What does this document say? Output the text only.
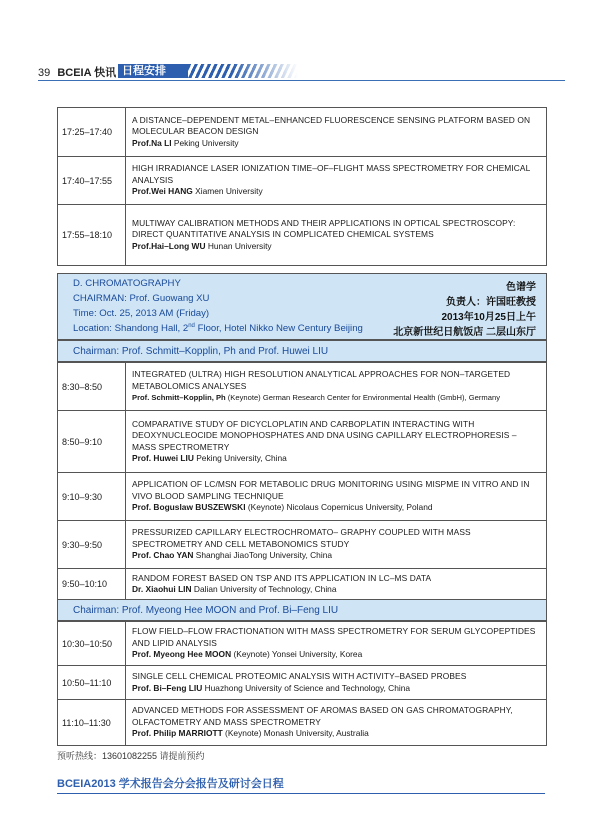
39 BCEIA 快讯 日程安排
17:25–17:40	A DISTANCE–DEPENDENT METAL–ENHANCED FLUORESCENCE SENSING PLATFORM BASED ON MOLECULAR BEACON DESIGN
Prof.Na LI Peking University

17:40–17:55	HIGH IRRADIANCE LASER IONIZATION TIME–OF–FLIGHT MASS SPECTROMETRY FOR CHEMICAL ANALYSIS
Prof.Wei HANG Xiamen University

17:55–18:10	MULTIWAY CALIBRATION METHODS AND THEIR APPLICATIONS IN OPTICAL SPECTROSCOPY: DIRECT QUANTITATIVE ANALYSIS IN COMPLICATED CHEMICAL SYSTEMS
Prof.Hai–Long WU Hunan University
D. CHROMATOGRAPHY
CHAIRMAN: Prof. Guowang XU
Time: Oct. 25, 2013 AM (Friday)
Location: Shandong Hall, 2nd Floor, Hotel Nikko New Century Beijing
色谱学
负责人：许国旺教授
2013年10月25日上午
北京新世纪日航饭店 二层山东厅
Chairman: Prof. Schmitt–Kopplin, Ph and Prof. Huwei LIU
8:30–8:50	INTEGRATED (ULTRA) HIGH RESOLUTION ANALYTICAL APPROACHES FOR NON–TARGETED METABOLOMICS ANALYSES
Prof. Schmitt–Kopplin, Ph (Keynote) German Research Center for Environmental Health (GmbH), Germany

8:50–9:10	COMPARATIVE STUDY OF DICYCLOPLATIN AND CARBOPLATIN INTERACTING WITH DEOXYNUCLEOCIDE MONOPHOSPHATES AND DNA USING CAPILLARY ELECTROPHORESIS – MASS SPECTROMETRY
Prof. Huwei LIU Peking University, China

9:10–9:30	APPLICATION OF LC/MSN FOR METABOLIC DRUG MONITORING USING MISPME IN VITRO AND IN VIVO BLOOD SAMPLING TECHNIQUE
Prof. Boguslaw BUSZEWSKI (Keynote) Nicolaus Copernicus University, Poland

9:30–9:50	PRESSURIZED CAPILLARY ELECTROCHROMATO– GRAPHY COUPLED WITH MASS SPECTROMETRY AND CELL METABONOMICS STUDY
Prof. Chao YAN Shanghai JiaoTong University, China

9:50–10:10	RANDOM FOREST BASED ON TSP AND ITS APPLICATION IN LC–MS DATA
Dr. Xiaohui LIN Dalian University of Technology, China
Chairman: Prof. Myeong Hee MOON and Prof. Bi–Feng LIU
10:30–10:50	FLOW FIELD–FLOW FRACTIONATION WITH MASS SPECTROMETRY FOR SERUM GLYCOPEPTIDES AND LIPID ANALYSIS
Prof. Myeong Hee MOON (Keynote) Yonsei University, Korea

10:50–11:10	SINGLE CELL CHEMICAL PROTEOMIC ANALYSIS WITH ACTIVITY–BASED PROBES
Prof. Bi–Feng LIU Huazhong University of Science and Technology, China

11:10–11:30	ADVANCED METHODS FOR ASSESSMENT OF AROMAS BASED ON GAS CHROMATOGRAPHY, OLFACTOMETRY AND MASS SPECTROMETRY
Prof. Philip MARRIOTT (Keynote) Monash University, Australia
预听热线：13601082255 请提前预约
BCEIA2013 学术报告会分会报告及研讨会日程
